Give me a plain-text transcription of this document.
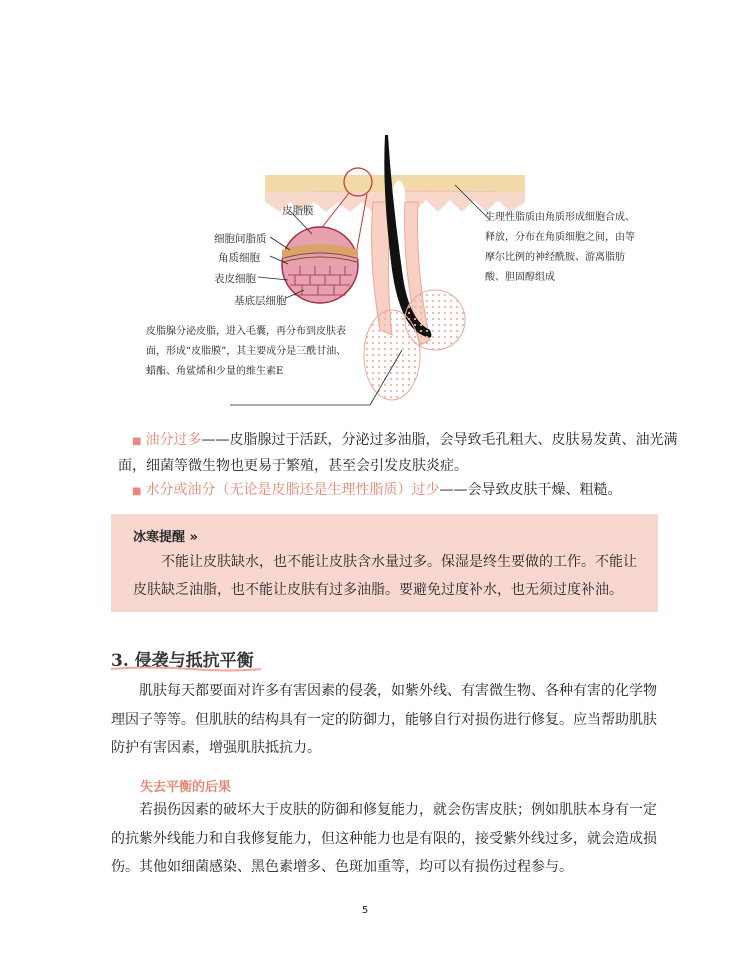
皮脂膜
细胞间脂质
角质细胞
表皮细胞
基底层细胞
皮脂腺分泌皮脂，进入毛囊，再分布到皮肤表面，形成“皮脂膜”，其主要成分是三酰甘油、蜡酯、角鲨烯和少量的维生素E
生理性脂质由角质形成细胞合成、释放，分布在角质细胞之间，由等摩尔比例的神经酰胺、游离脂肪酸、胆固醇组成
■ 油分过多——皮脂腺过于活跃，分泌过多油脂，会导致毛孔粗大、皮肤易发黄、油光满面，细菌等微生物也更易于繁殖，甚至会引发皮肤炎症。
■ 水分或油分（无论是皮脂还是生理性脂质）过少——会导致皮肤干燥、粗糙。
冰寒提醒 »
不能让皮肤缺水，也不能让皮肤含水量过多。保湿是终生要做的工作。不能让皮肤缺乏油脂，也不能让皮肤有过多油脂。要避免过度补水，也无须过度补油。
3. 侵袭与抵抗平衡
肌肤每天都要面对许多有害因素的侵袭，如紫外线、有害微生物、各种有害的化学物理因子等等。但肌肤的结构具有一定的防御力，能够自行对损伤进行修复。应当帮助肌肤防护有害因素，增强肌肤抵抗力。
失去平衡的后果
若损伤因素的破坏大于皮肤的防御和修复能力，就会伤害皮肤；例如肌肤本身有一定的抗紫外线能力和自我修复能力，但这种能力也是有限的，接受紫外线过多，就会造成损伤。其他如细菌感染、黑色素增多、色斑加重等，均可以有损伤过程参与。
5
